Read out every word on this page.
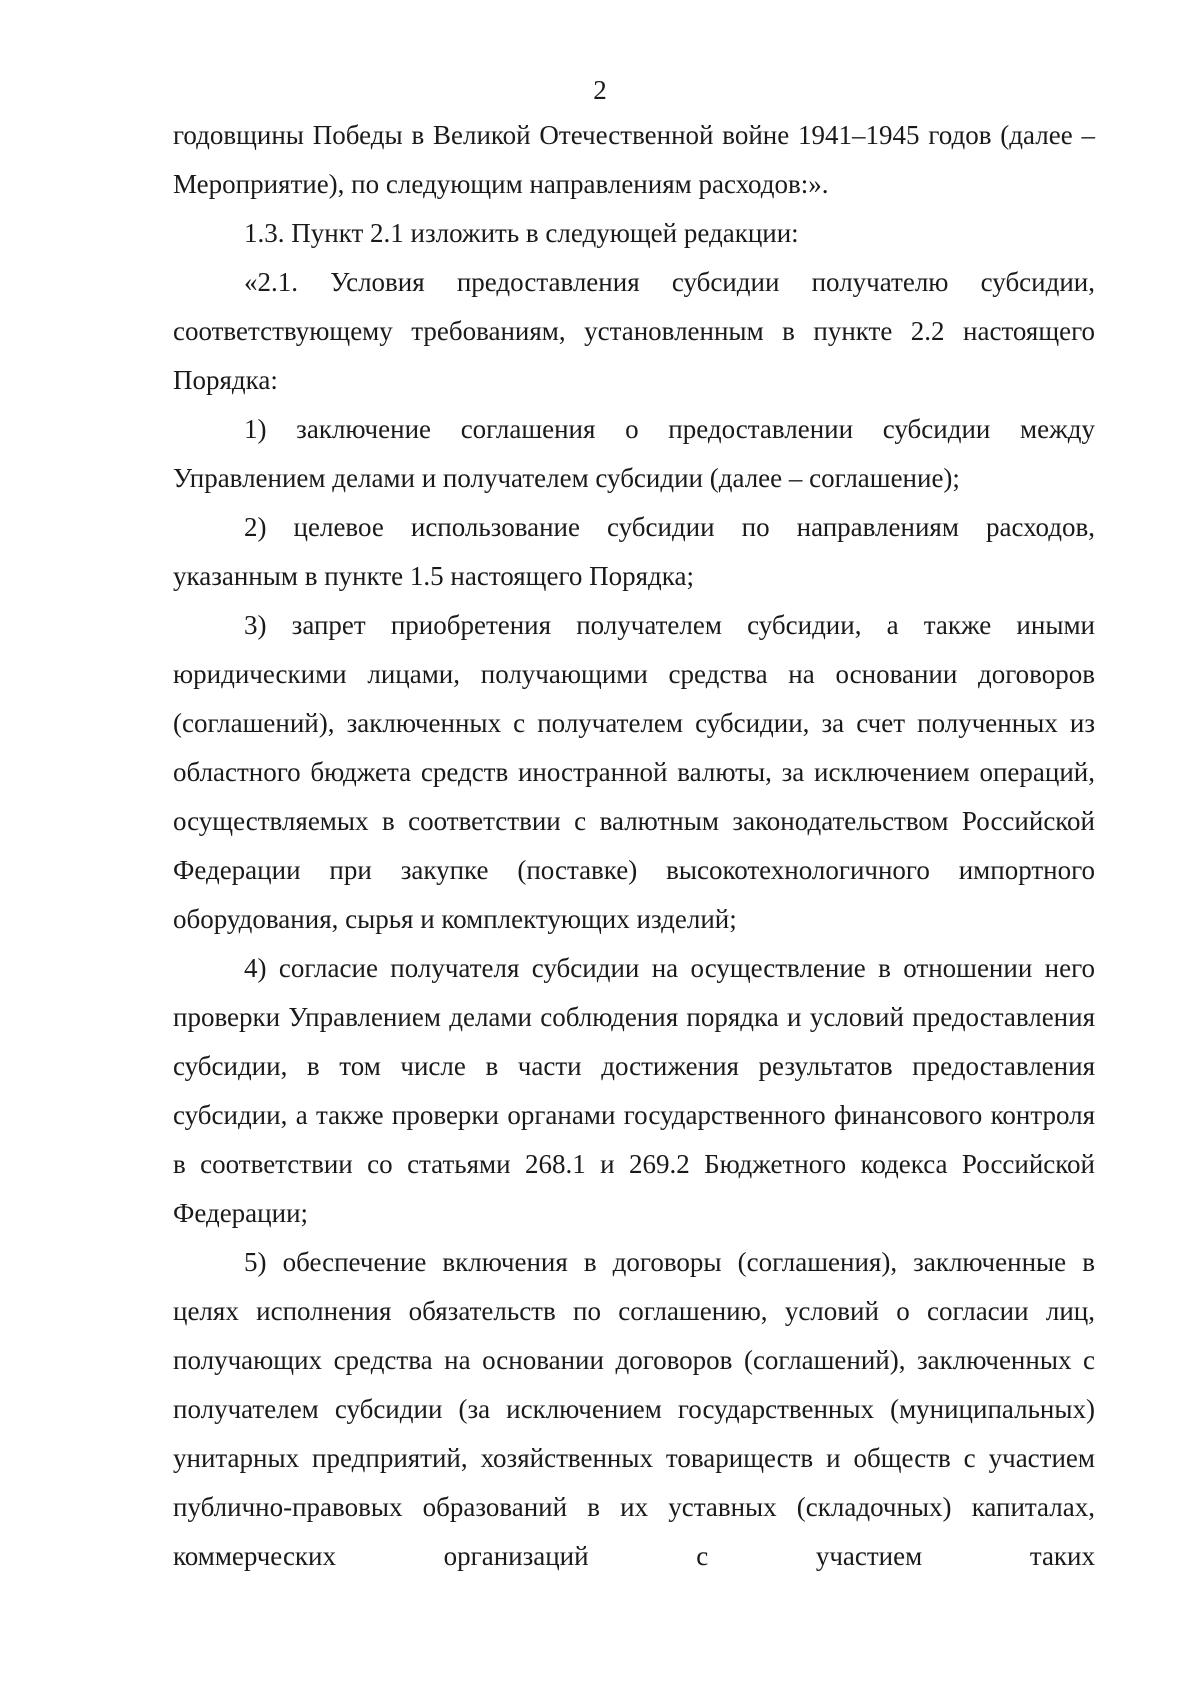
2

годовщины Победы в Великой Отечественной войне 1941–1945 годов (далее – Мероприятие), по следующим направлениям расходов:».

1.3. Пункт 2.1 изложить в следующей редакции:

«2.1. Условия предоставления субсидии получателю субсидии, соответствующему требованиям, установленным в пункте 2.2 настоящего Порядка:

1) заключение соглашения о предоставлении субсидии между Управлением делами и получателем субсидии (далее – соглашение);

2) целевое использование субсидии по направлениям расходов, указанным в пункте 1.5 настоящего Порядка;

3) запрет приобретения получателем субсидии, а также иными юридическими лицами, получающими средства на основании договоров (соглашений), заключенных с получателем субсидии, за счет полученных из областного бюджета средств иностранной валюты, за исключением операций, осуществляемых в соответствии с валютным законодательством Российской Федерации при закупке (поставке) высокотехнологичного импортного оборудования, сырья и комплектующих изделий;

4) согласие получателя субсидии на осуществление в отношении него проверки Управлением делами соблюдения порядка и условий предоставления субсидии, в том числе в части достижения результатов предоставления субсидии, а также проверки органами государственного финансового контроля в соответствии со статьями 268.1 и 269.2 Бюджетного кодекса Российской Федерации;

5) обеспечение включения в договоры (соглашения), заключенные в целях исполнения обязательств по соглашению, условий о согласии лиц, получающих средства на основании договоров (соглашений), заключенных с получателем субсидии (за исключением государственных (муниципальных) унитарных предприятий, хозяйственных товариществ и обществ с участием публично-правовых образований в их уставных (складочных) капиталах, коммерческих организаций с участием таких
